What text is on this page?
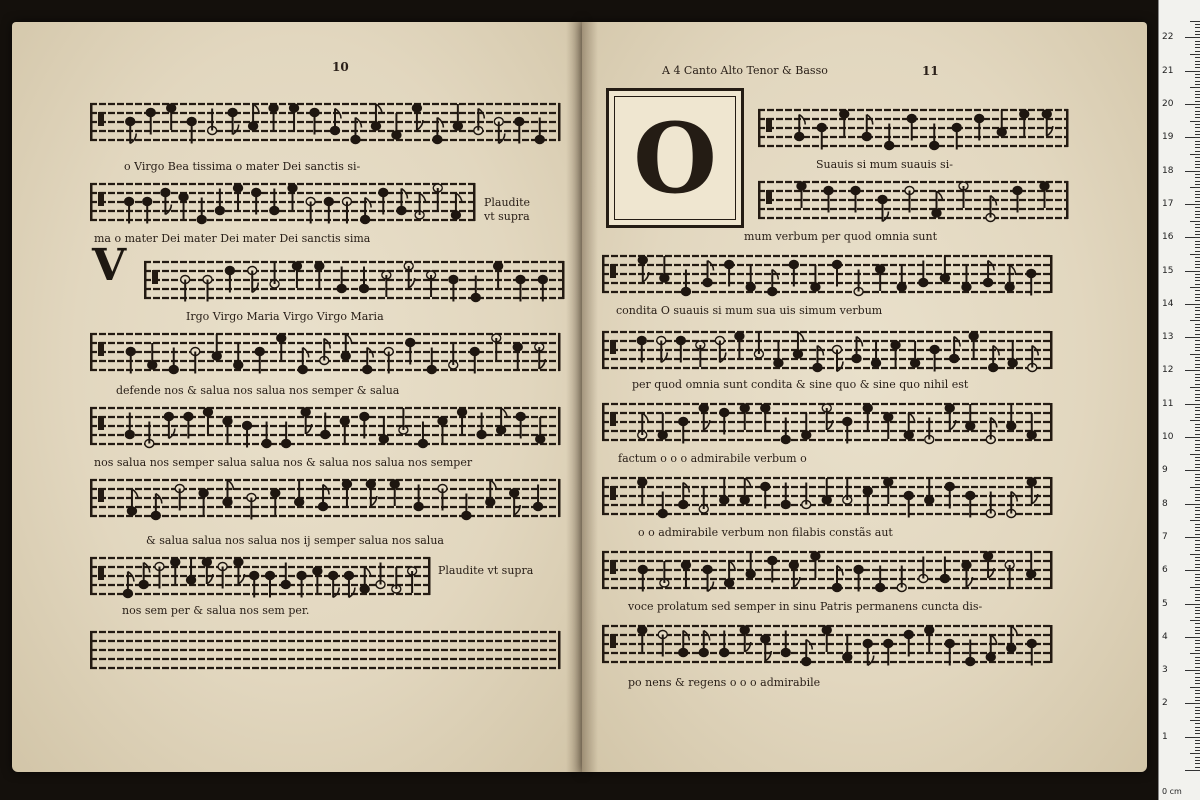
10
V
o Virgo Bea tissima o mater Dei sanctis si-
Plaudite
vt supra
ma o mater Dei mater Dei mater Dei sanctis sima
Irgo Virgo Maria Virgo Virgo Maria
defende nos & salua nos salua nos semper & salua
nos salua nos semper salua salua nos & salua nos salua nos semper
& salua salua nos salua nos ij semper salua nos salua
Plaudite vt supra
nos sem per & salua nos sem per.
A 4 Canto Alto Tenor & Basso	11
O	Suauis si mum suauis si-
mum verbum per quod omnia sunt
condita O suauis si mum sua uis simum verbum
per quod omnia sunt condita & sine quo & sine quo nihil est
factum o o o admirabile verbum o
o o admirabile verbum non filabis constãs aut
voce prolatum sed semper in sinu Patris permanens cuncta dis-
po nens & regens o o o admirabile
0 cm
1
2
3
4
5
6
7
8
9
10
11
12
13
14
15
16
17
18
19
20
21
22
